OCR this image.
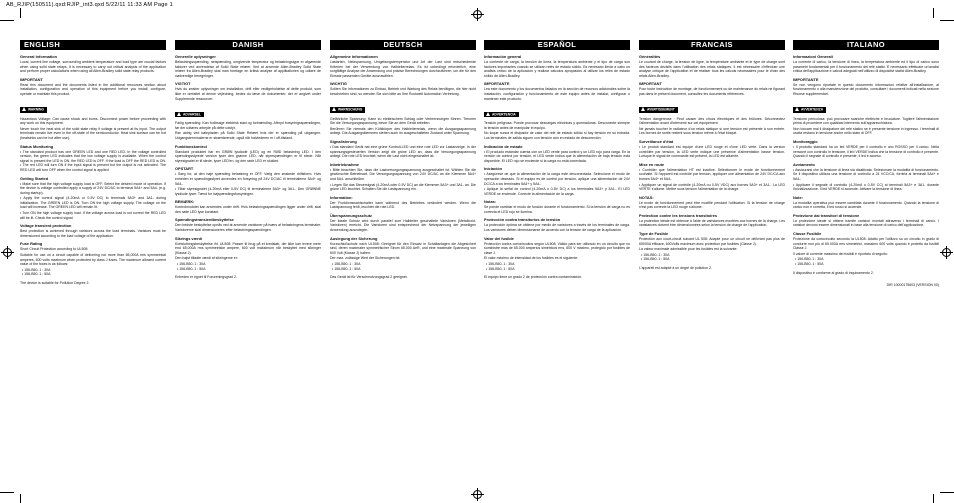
AB_RJIP(150511).qxd:RJIP_int3.qxd 5/22/11 11:33 AM Page 1
ENGLISH
General Information
Local, current line voltage, surrounding ambient temperature and load type are crucial factors when using solid state relays. It is necessary to carry out critical analysis of the application and perform proper calculations when using all Allen-Bradley solid state relay products.
IMPORTANT
Read this document and the documents listed in the additional resources section about installation, configuration and operation of this equipment before you install, configure, operate or maintain this product.
WARNING
Hazardous Voltage: Can cause shock and burns. Disconnect power before proceeding with any work on this equipment.
Never touch the heat sink of the solid state relay if voltage is present at its input. The output terminals remain live even in the off-state of the semiconductor. Heat sink surface can be hot (heatsinks can be hot after use).
Status Monitoring
• The standard product has one GREEN LED and one RED LED. In the voltage controlled version, the green LED indicates that the low voltage supply is available. When the control signal is present the LED is ON, the RED LED is OFF. If the load is OFF the RED LED is ON. • The red LED will turn ON if the input signal is present but the output is not activated. The RED LED will turn OFF when the control signal is applied.
Getting Started
• Make sure that the high voltage supply load is OFF. Select the desired mode of operation. If the device is voltage controlled apply a supply of 24V DC/AC to terminal 5A4+ and 5A4- (e.g. during startup).
• Apply the control signal (4-20mA or 0-5V DC) to terminals 5A3+ and 3A1- during initialization. The GREEN LED is ON. Turn ON the high voltage supply. The voltage on the load will increase. The GREEN LED will remain lit.
• Turn ON the high voltage supply load. If the voltage across load is not correct the RED LED will be lit. Check the control signal.
Voltage transient protection
Best protection is achieved through varistors across the load terminals. Varistors must be dimensioned according to the load voltage of the application.
Fuse Rating
Short Circuit Protection according to UL508:
Suitable for use on a circuit capable of delivering not more than 65,000A rms symmetrical amperes, 600 volts maximum when protected by class J fuses. The maximum allowed current value of the fuses is as follows:
• 156-B50..1 : 30A
• 156-B50..1 : 50A
The device is suitable for Pollution Degree 2.
DANISH
Generelle oplysninger
Belastningsspænding, netspænding, omgivende temperatur og belastningstype er afgørende faktorer ved anvendelse af Solid State relæer. Ved at anvende Allen-Bradley Solid State relæer fra Allen-Bradley skal man foretage en kritisk analyse af applikationen og udføre de nødvendige beregninger.
VIGTIGT
Hvis du ønsker oplysninger om installation, drift eller vedligeholdelse af dette produkt, som ikke er omfattet af denne vejledning, bedes du læse de dokumenter, der er angivet under Supplerende ressourcer.
ADVARSEL
Farlig spænding: Kan forårsage elektrisk stød og forbrænding. Afbryd forsyningsspændingen, før der udføres arbejde på dette udstyr.
Rør aldrig ved kølepladen på Solid State Relæet hvis der er spænding på udgangen. Udgangsterminalerne er strømførende, også når halvlederen er i off-tilstand.
Funktionskontrol
Standard produktet har en GRØN lysdiode (LED) og en RØD belastning LED. I den spændingsstyrede version lyser den grønne LED, når styrespændingen er til stede. Når styresignalet er til stede, lyser LED'en, og den røde LED er slukket.
OPSTART
• Sørg for, at den høje spænding belastning er OFF. Vælg den ønskede driftsform. Hvis enheden er spændingsstyret anvendes en forsyning på 24V DC/AC til terminalerne 5A4+ og 5A4-.
• Tilfør styresignalet (4-20mA eller 0-5V DC) til terminalerne 5A3+ og 3A1-. Den GRØNNE lysdiode lyser. Tænd for højspændingsforsyningen.
BEMÆRK:
Kontrolmodulet kan anvendes under drift. Hvis belastningsspændingen ligger under drift, skal den røde LED lyse konstant.
Spændingstransientbeskyttelse
Den bedste beskyttelse opnås ved at anvende varistorer på tværs af belastningens terminaler. Varistorerne skal dimensioneres efter belastningsspændingen.
Sikrings værdi
Kortslutningsbeskyttelse iht. UL508: Passer til brug på et kredsløb, der ikke kan levere mere end 65.000A rms symmetriske ampere, 600 volt maksimum når beskyttet med sikringer (Klasse J).
Den højst tilladte værdi af sikringerne er:
• 156-B50..1 : 30A
• 156-B50..1 : 50A
Enheden er egnet til Forureningsgrad 2.
DEUTSCH
Allgemeine Informationen
Lastarten, Netzspannung, Umgebungstemperatur und Art der Last sind entscheidende Kriterien bei der Verwendung von Halbleiterrelais. Es ist unbedingt erforderlich, eine sorgfältige Analyse der Anwendung und präzise Berechnungen durchzuführen, um die für den Einsatz passenden Geräte auszuwählen.
WICHTIG
Sollten Sie Informationen zu Einbau, Betrieb und Wartung des Relais benötigen, die hier nicht beschrieben sind, so wenden Sie sich bitte an Ihre Rockwell Automation Vertretung.
WARNSCHUNG
Gefährliche Spannung: Kann zu elektrischem Schlag oder Verbrennungen führen. Trennen Sie die Versorgungsspannung, bevor Sie an dem Gerät arbeiten.
Berühren Sie niemals den Kühlkörper des Halbleiterrelais, wenn die Ausgangsspannung anliegt. Die Ausgangsklemmen stehen auch im ausgeschalteten Zustand unter Spannung.
Signalisierung
• Das standard Gerät hat eine grüne Kontroll-LED und eine rote LED zur Lastanzeige. In der spannungsgesteuerten Version zeigt die grüne LED an, dass die Versorgungsspannung anliegt. Die rote LED leuchtet, wenn die Last nicht eingeschaltet ist.
Inbetriebnahme
• Bitte beachten Sie, dass die Lastversorgungsspannung ausgeschaltet ist. Wählen Sie die gewünschte Betriebsart. Die Versorgungsspannung von 24V DC/AC an die Klemmen 5A4+ und 5A4- anschließen.
• Legen Sie das Steuersignal (4-20mA oder 0-5V DC) an die Klemmen 5A3+ und 3A1- an. Die grüne LED leuchtet. Schalten Sie die Lastspannung ein.
Information:
Der Funktionswahlschalter kann während des Betriebes verändert werden. Wenn die Lastspannung fehlt, leuchtet die rote LED.
Überspannungsschutz
Der ideale Schutz wird durch parallel zum Halbleiter geschaltete Varistoren (Metalloxid-Varistoren) erreicht. Die Varistoren sind entsprechend der Netzspannung der jeweiligen Anwendung auszulegen.
Auslegung der Sicherung
Kurzschlußschutz nach UL508: Geeignet für den Einsatz in Schaltanlagen die Abgesichert sind, deren maximaler symmetrischer Strom 65.000 AeR, und eine maximale Spannung von 600 Volt (Klasse J) haben.
Der max. zulässige Wert der Sicherungen ist:
• 156-B50..1 : 30A
• 156-B50..1 : 50A
Das Gerät ist für Verschmutzungsgrad 2 geeignet.
ESPAÑOL
Información general
La corriente de carga, la tensión de línea, la temperatura ambiente y el tipo de carga son factores importantes cuando se utilizan relés de estado sólido. Es necesario llevar a cabo un análisis crítico de la aplicación y realizar cálculos apropiados al utilizar los relés de estado sólido de Allen-Bradley.
IMPORTANTE
Lea este documento y los documentos listados en la sección de recursos adicionales sobre la instalación, configuración y funcionamiento de este equipo antes de instalar, configurar o mantener este producto.
ADVERTENCIA
Tensión peligrosa: Puede provocar descargas eléctricas y quemaduras. Desconecte siempre la tensión antes de manipular el equipo.
No toque nunca el disipador de calor del relé de estado sólido si hay tensión en su entrada. Los terminales de salida siguen con tensión aún en estado de desconexión.
Indicación de estado
• El producto estándar cuenta con un LED verde para control y un LED rojo para carga. En la versión de control por tensión, el LED verde indica que la alimentación de baja tensión está disponible. El LED rojo se enciende si la carga no está conectada.
Iniciación
• Asegúrese de que la alimentación de la carga esté desconectada. Seleccione el modo de operación deseado. Si el equipo es de control por tensión, aplique una alimentación de 24V DC/CA a los terminales 5A4+ y 5A4-.
• Aplique la señal de control (4-20mA o 0-5V DC) a los terminales 5A3+ y 3A1-. El LED VERDE se enciende. Conecte la alimentación de la carga.
Notas:
Se puede cambiar el modo de función durante el funcionamiento. Si la tensión de carga no es correcta el LED rojo se ilumina.
Protección contra transitorios de tensión
La protección óptima se obtiene por medio de varistores a través de los terminales de carga. Los varistores deben dimensionarse de acuerdo con la tensión de carga de la aplicación.
Valor del fusible
Protección contra cortocircuitos según UL508: Válido para ser utilizado en un circuito que no suministre más de 65.000 amperios simétricos rms, 600 V máximo, protegido por fusibles de clase J.
El valor máximo de intensidad de los fusibles es el siguiente:
• 156-B50..1 : 30A
• 156-B50..1 : 50A
El equipo tiene un grado 2 de protección contra contaminación.
FRANCAIS
Généralités
Le courant de charge, la tension de ligne, la température ambiante et le type de charge sont des facteurs décisifs dans l'utilisation des relais statiques. Il est nécessaire d'effectuer une analyse critique de l'application et de réaliser tous les calculs nécessaires pour le choix des relais Allen-Bradley.
IMPORTANT
Pour toute instruction de montage, de fonctionnement ou de maintenance du relais ne figurant pas dans le présent document, consultez les documents référencés.
AVERTISSEMENT
Tension dangereuse : Peut causer des chocs électriques et des brûlures. Déconnectez l'alimentation avant d'intervenir sur cet équipement.
Ne jamais toucher le radiateur d'un relais statique si une tension est présente à son entrée. Les bornes de sortie restent sous tension même à l'état bloqué.
Surveillance d'état
• Le produit standard est équipé d'une LED rouge et d'une LED verte. Dans la version contrôlée par tension, la LED verte indique une présence d'alimentation basse tension. Lorsque le signal de commande est présent, la LED est allumée.
Mise en route
• Contrôler que l'alimentation HT est inactive. Sélectionner le mode de fonctionnement souhaité. Si l'appareil est contrôlé par tension, appliquer une alimentation de 24V DC/CA aux bornes 5A4+ et 5A4-.
• Appliquer un signal de contrôle (4-20mA ou 0-5V VDC) aux bornes 5A3+ et 3A1-. La LED VERTE s'allume. Mettre sous tension l'alimentation de la charge.
NOTAS:
Le mode de fonctionnement peut être modifié pendant l'utilisation. Si la tension de charge n'est pas correcte la LED rouge s'allume.
Protection contre les tensions transitoires
La protection idéale est obtenue à l'aide de varistances montées aux bornes de la charge. Les varistances doivent être dimensionnées selon la tension de charge de l'application.
Type de Fusible
Protection aux court-circuit suivant UL 508: Adapté pour un circuit ne délivrant pas plus de 65000A efficace, 600Volts maximum avec protection par fusibles (Classe J).
La valeur maximale admissible pour les fusibles est la suivante:
• 156-B50..1 : 30A
• 156-B50..1 : 50A
L'appareil est adapté à un degré de pollution 2.
ITALIANO
Informazioni Generali
La corrente di carico, la tensione di linea, la temperatura ambiente ed il tipo di carico sono parametri fondamentali per il funzionamento dei relè statici. È necessario effettuare un'analisi critica dell'applicazione e calcoli adeguati nell'utilizzo di dispositivi statici Allen-Bradley.
IMPORTANTE
Se non vengono riportate in questo documento informazioni relative all'installazione, al funzionamento o alla manutenzione del prodotto, consultare i documenti indicati nella sezione Risorse supplementari.
AVVERTENZA
Tensione pericolosa: può provocare scariche elettriche e bruciature. Togliere l'alimentazione prima di procedere con qualsiasi intervento sull'apparecchiatura.
Non toccare mai il dissipatore del relè statico se è presente tensione in ingresso. I terminali di uscita restano in tensione anche nello stato di OFF.
Monitoraggio
• Il prodotto standard ha un led VERDE per il controllo e uno ROSSO per il carico. Nella versione con controllo in tensione, il led VERDE indica che la tensione di controllo è presente. Quando il segnale di controllo è presente, il led è acceso.
Avviamento
• Assicurarsi che la tensione di linea sia disattivata. Selezionare la modalità di funzionamento. Se il dispositivo utilizza una tensione di controllo a 24 VCC/CA, fornirla ai terminali 5A4+ e 5A4-.
• Applicare il segnale di controllo (4-20mA o 0-5V CC) ai terminali 5A3+ e 3A1- durante l'inizializzazione. Il led VERDE si accende. Attivare la tensione di linea.
Note:
La modalità operativa può essere cambiata durante il funzionamento. Quando la tensione di carico non è corretta, il led rosso si accende.
Protezione dai transitori di tensione
La protezione ideale si ottiene tramite varistori montati attraverso i terminali di carico. I varistori devono essere dimensionati in base alla tensione di carico dell'applicazione.
Classe Fusibile
Protezione da cortocircuito secondo la UL508: Adatto per l'utilizzo su un circuito in grado di condurre non più di 65.000A rms simmetrici, massimo 600 volts quando è protetto da fusibili Classe J.
Il valore di corrente massimo dei fusibili è riportato di seguito:
• 156-B50..1 : 30A
• 156-B50..1 : 50A
Il dispositivo è conforme al grado di inquinamento 2.
DIR 10000175603 (VERSION 00)
